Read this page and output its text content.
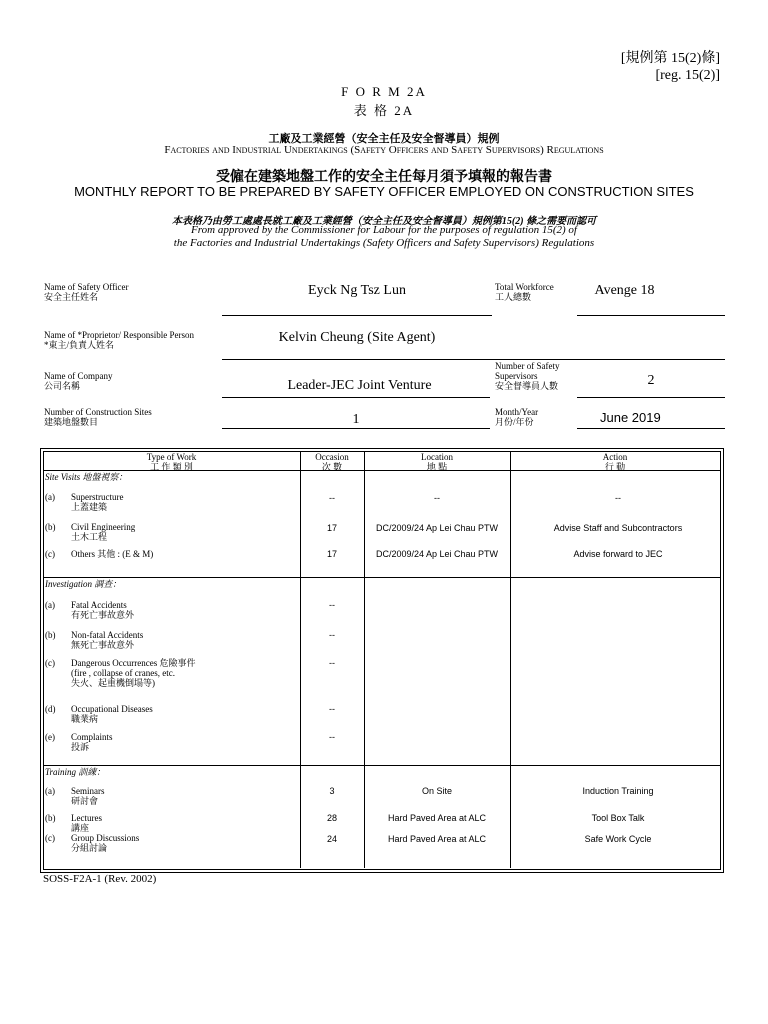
[規例第 15(2)條]
[reg. 15(2)]
F O R M 2A
表 格 2A
工廠及工業經營（安全主任及安全督導員）規例
Factories and Industrial Undertakings (Safety Officers and Safety Supervisors) Regulations
受僱在建築地盤工作的安全主任每月須予填報的報告書
MONTHLY REPORT TO BE PREPARED BY SAFETY OFFICER EMPLOYED ON CONSTRUCTION SITES
本表格乃由勞工處處長就工廠及工業經營（安全主任及安全督導員）規例第15(2) 條之需要而認可
From approved by the Commissioner for Labour for the purposes of regulation 15(2) of
the Factories and Industrial Undertakings (Safety Officers and Safety Supervisors) Regulations
Name of Safety Officer
安全主任姓名	Eyck Ng Tsz Lun	Total Workforce
工人總數	Avenge 18
Name of *Proprietor/ Responsible Person
*東主/負責人姓名	Kelvin Cheung (Site Agent)
Name of Company
公司名稱	Leader-JEC Joint Venture
Number of Safety
Supervisors
安全督導員人數	2
Number of Construction Sites
建築地盤數目	1	Month/Year
月份/年份	June 2019
Type of Work
工 作 類 別
Occasion
次 數
Location
地 點
Action
行 動
Site Visits 地盤視察：
(a) Superstructure
上蓋建築
--	--	--
(b) Civil Engineering
土木工程
17	DC/2009/24 Ap Lei Chau PTW	Advise Staff and Subcontractors
(c) Others 其他 : (E & M)	17	DC/2009/24 Ap Lei Chau PTW	Advise forward to JEC
Investigation 調查：
(a) Fatal Accidents
有死亡事故意外
--
(b) Non-fatal Accidents
無死亡事故意外
--
(c) Dangerous Occurrences 危險事件
(fire , collapse of cranes, etc.
失火、起重機倒塌等)
--
(d) Occupational Diseases
職業病
--
(e) Complaints
投訴
--
Training 訓練：
(a) Seminars
研討會
3	On Site	Induction Training
(b) Lectures
講座
28	Hard Paved Area at ALC	Tool Box Talk
(c) Group Discussions
分組討論
24	Hard Paved Area at ALC	Safe Work Cycle
SOSS-F2A-1 (Rev. 2002)
